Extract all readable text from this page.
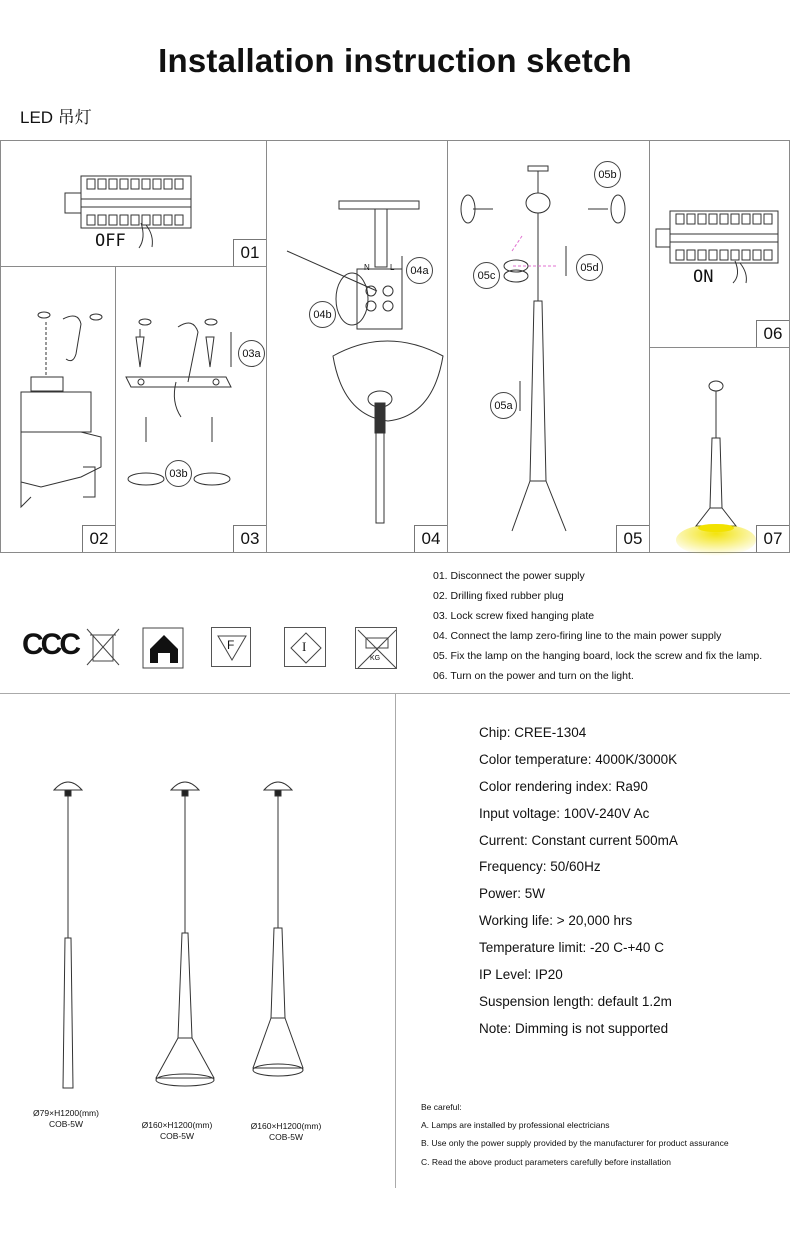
Installation instruction sketch
LED 吊灯
OFF
01
02
03a
03b
03
N	L	04a
04b
04
05b
05c
05d
05a
05
ON
06
07
CCC	F	I
KG
01. Disconnect the power supply
02. Drilling fixed rubber plug
03. Lock screw fixed hanging plate
04. Connect the lamp zero-firing line to the main power supply
05. Fix the lamp on the hanging board, lock the screw and fix the lamp.
06. Turn on the power and turn on the light.
Ø79×H1200(mm)
COB-5W	Ø160×H1200(mm)
COB-5W
Ø160×H1200(mm)
COB-5W
Chip: CREE-1304
Color temperature: 4000K/3000K
Color rendering index: Ra90
Input voltage: 100V-240V Ac
Current: Constant current 500mA
Frequency: 50/60Hz
Power: 5W
Working life: > 20,000 hrs
Temperature limit: -20 C-+40 C
IP Level: IP20
Suspension length: default 1.2m
Note: Dimming is not supported
Be careful:
A. Lamps are installed by professional electricians
B. Use only the power supply provided by the manufacturer for product assurance
C. Read the above product parameters carefully before installation
